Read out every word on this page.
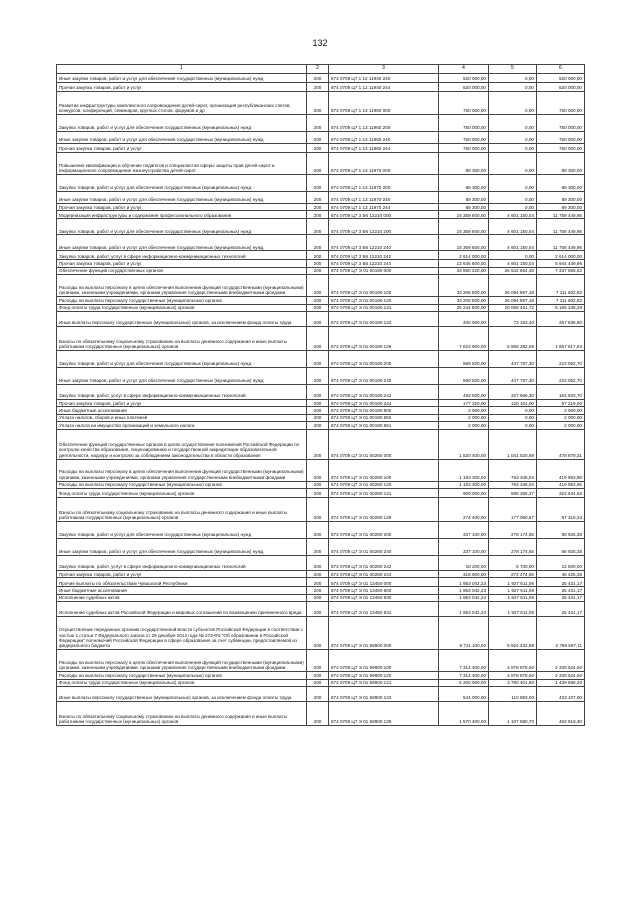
132
1	2	3	4	5	6
Иные закупки товаров, работ и услуг для обеспечения государственных (муниципальных) нужд	200	874 0709 Ц7 1 12 11940 240	520 000,00	0,00	520 000,00
Прочая закупка товаров, работ и услуг	200	874 0709 Ц7 1 12 11940 244	520 000,00	0,00	520 000,00
Развитие инфраструктуры комплексного сопровождения детей-сирот, организация республиканских слетов, конкурсов, конференций, семинаров, круглых столов, форумов и др	200	874 0709 Ц7 1 13 11960 000	750 000,00	0,00	750 000,00
Закупка товаров, работ и услуг для обеспечения государственных (муниципальных) нужд	200	874 0709 Ц7 1 13 11960 200	750 000,00	0,00	750 000,00
Иные закупки товаров, работ и услуг для обеспечения государственных (муниципальных) нужд	200	874 0709 Ц7 1 13 11960 240	750 000,00	0,00	750 000,00
Прочая закупка товаров, работ и услуг	200	874 0709 Ц7 1 13 11960 244	750 000,00	0,00	750 000,00
Повышение квалификации и обучение педагогов и специалистов сферы защиты прав детей-сирот и информационное сопровождение жизнеустройства детей-сирот	200	874 0709 Ц7 1 13 11970 000	89 300,00	0,00	89 300,00
Закупка товаров, работ и услуг для обеспечения государственных (муниципальных) нужд	200	874 0709 Ц7 1 13 11970 200	89 300,00	0,00	89 300,00
Иные закупки товаров, работ и услуг для обеспечения государственных (муниципальных) нужд	200	874 0709 Ц7 1 13 11970 240	89 300,00	0,00	89 300,00
Прочая закупка товаров, работ и услуг	200	874 0709 Ц7 1 13 11970 244	89 300,00	0,00	89 300,00
Модернизация инфраструктуры и содержания профессионального образования	200	874 0709 Ц7 3 Б6 12210 000	16 359 600,00	4 601 150,04	11 758 449,96
Закупка товаров, работ и услуг для обеспечения государственных (муниципальных) нужд	200	874 0709 Ц7 3 Б6 12210 200	16 359 600,00	4 601 150,04	11 758 449,96
Иные закупки товаров, работ и услуг для обеспечения государственных (муниципальных) нужд	200	874 0709 Ц7 3 Б6 12210 240	16 359 600,00	4 601 150,04	11 758 449,96
Закупка товаров, работ, услуг в сфере информационно-коммуникационных технологий	200	874 0709 Ц7 3 Б6 12210 242	2 614 000,00	0,00	2 614 000,00
Прочая закупка товаров, работ и услуг	200	874 0709 Ц7 3 Б6 12210 244	13 645 600,00	4 601 150,04	8 944 449,96
Обеспечение функций государственных органов	200	874 0709 Ц7 Э 01 00190 000	33 880 320,00	26 542 664,48	7 337 655,52
Расходы на выплаты персоналу в целях обеспечения выполнения функций государственными (муниципальными) органами, казенными учреждениями, органами управления государственными внебюджетными фондами	200	874 0709 Ц7 Э 01 00190 100	33 206 500,00	26 094 897,18	7 111 602,82
Расходы на выплаты персоналу государственных (муниципальных) органов	200	874 0709 Ц7 Э 01 00190 120	33 206 500,00	26 094 897,18	7 111 602,82
Фонд оплаты труда государственных (муниципальных) органов	200	874 0709 Ц7 Э 01 00190 121	25 244 800,00	20 058 451,72	5 186 348,28
Иные выплаты персоналу государственных (муниципальных) органов, за исключением фонда оплаты труда	200	874 0709 Ц7 Э 01 00190 122	340 000,00	72 163,40	267 836,60
Взносы по обязательному социальному страхованию на выплаты денежного содержания и иные выплаты работникам государственных (муниципальных) органов	200	874 0709 Ц7 Э 01 00190 129	7 623 900,00	5 966 282,06	1 657 617,94
Закупка товаров, работ и услуг для обеспечения государственных (муниципальных) нужд	200	874 0709 Ц7 Э 01 00190 200	669 820,00	447 767,30	222 052,70
Иные закупки товаров, работ и услуг для обеспечения государственных (муниципальных) нужд	200	874 0709 Ц7 Э 01 00190 240	669 820,00	447 767,30	222 052,70
Закупка товаров, работ, услуг в сфере информационно-коммуникационных технологий	200	874 0709 Ц7 Э 01 00190 242	492 500,00	327 666,30	164 833,70
Прочая закупка товаров, работ и услуг	200	874 0709 Ц7 Э 01 00190 244	177 320,00	120 101,00	57 219,00
Иные бюджетные ассигнования	200	874 0709 Ц7 Э 01 00190 800	2 000,00	0,00	2 000,00
Уплата налогов, сборов и иных платежей	200	874 0709 Ц7 Э 01 00190 850	2 000,00	0,00	2 000,00
Уплата налога на имущество организаций и земельного налога	200	874 0709 Ц7 Э 01 00190 851	2 000,00	0,00	2 000,00
Обеспечение функций государственных органов в целях осуществления полномочий Российской Федерации по контролю качества образования, лицензированию и государственной аккредитации образовательной деятельности, надзору и контролю за соблюдением законодательства в области образования	200	874 0709 Ц7 Э 01 00280 000	1 520 400,00	1 041 520,69	478 879,31
Расходы на выплаты персоналу в целях обеспечения выполнения функций государственными (муниципальными) органами, казенными учреждениями, органами управления государственными внебюджетными фондами	200	874 0709 Ц7 Э 01 00280 100	1 183 300,00	763 346,04	419 953,96
Расходы на выплаты персоналу государственных (муниципальных) органов	200	874 0709 Ц7 Э 01 00280 120	1 183 300,00	763 346,04	419 953,96
Фонд оплаты труда государственных (муниципальных) органов	200	874 0709 Ц7 Э 01 00280 121	909 000,00	586 265,37	322 634,63
Взносы по обязательному социальному страхованию на выплаты денежного содержания и иные выплаты работникам государственных (муниципальных) органов	200	874 0709 Ц7 Э 01 00280 129	274 400,00	177 080,67	97 319,33
Закупка товаров, работ и услуг для обеспечения государственных (муниципальных) нужд	200	874 0709 Ц7 Э 01 00280 200	337 100,00	278 174,65	58 925,35
Иные закупки товаров, работ и услуг для обеспечения государственных (муниципальных) нужд	200	874 0709 Ц7 Э 01 00280 240	337 100,00	278 174,65	58 925,35
Закупка товаров, работ, услуг в сфере информационно-коммуникационных технологий	200	874 0709 Ц7 Э 01 00280 242	18 200,00	5 700,00	12 500,00
Прочая закупка товаров, работ и услуг	200	874 0709 Ц7 Э 01 00280 244	318 900,00	272 474,65	46 425,35
Прочие выплаты по обязательствам Чувашской Республики	200	874 0709 Ц7 Э 01 13450 000	1 953 042,23	1 927 611,06	25 431,17
Иные бюджетные ассигнования	200	874 0709 Ц7 Э 01 13450 800	1 953 042,23	1 927 611,06	25 431,17
Исполнение судебных актов	200	874 0709 Ц7 Э 01 13450 830	1 953 042,23	1 927 611,06	25 431,17
Исполнение судебных актов Российской Федерации и мировых соглашений по возмещению причиненного вреда	200	874 0709 Ц7 Э 01 13450 831	1 953 042,23	1 927 611,06	25 431,17
Осуществление переданных органам государственной власти субъектов Российской Федерации в соответствии с частью 1 статьи 7 Федерального закона от 29 декабря 2012 года № 273-ФЗ "Об образовании в Российской Федерации" полномочий Российской Федерации в сфере образования за счет субвенции, предоставляемой из федерального бюджета	200	874 0709 Ц7 Э 01 59900 000	8 711 100,00	5 924 432,89	2 786 667,11
Расходы на выплаты персоналу в целях обеспечения выполнения функций государственными (муниципальными) органами, казенными учреждениями, органами управления государственными внебюджетными фондами	200	874 0709 Ц7 Э 01 59900 100	7 314 400,00	4 978 875,50	2 335 524,50
Расходы на выплаты персоналу государственных (муниципальных) органов	200	874 0709 Ц7 Э 01 59900 120	7 314 400,00	4 978 875,50	2 335 524,50
Фонд оплаты труда государственных (муниципальных) органов	200	874 0709 Ц7 Э 01 59900 121	5 200 000,00	3 760 401,80	1 439 598,20
Иные выплаты персоналу государственных (муниципальных) органов, за исключением фонда оплаты труда	200	874 0709 Ц7 Э 01 59900 122	544 000,00	110 893,00	433 107,00
Взносы по обязательному социальному страхованию на выплаты денежного содержания и иные выплаты работникам государственных (муниципальных) органов	200	874 0709 Ц7 Э 01 59900 129	1 570 400,00	1 107 580,70	462 819,30
